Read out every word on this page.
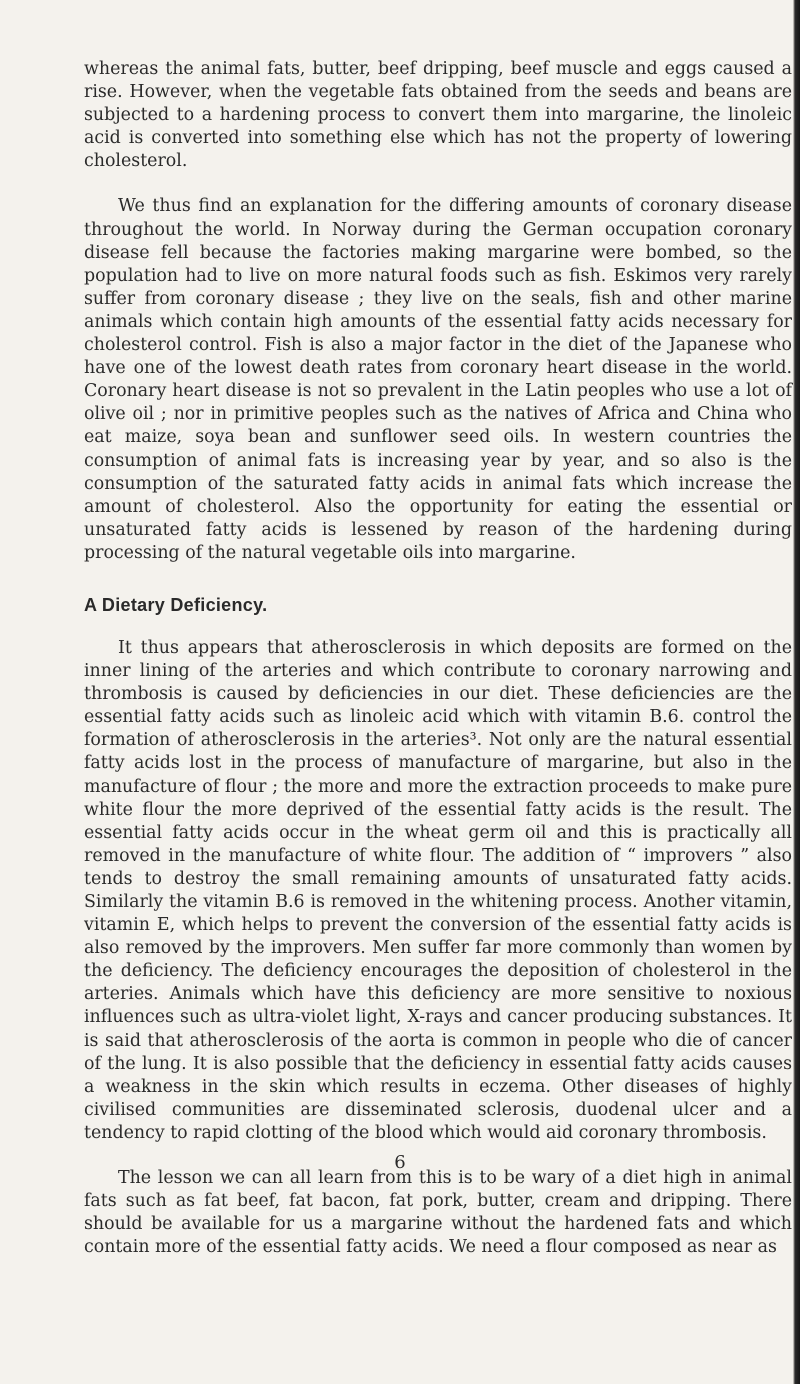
whereas the animal fats, butter, beef dripping, beef muscle and eggs caused a rise. However, when the vegetable fats obtained from the seeds and beans are subjected to a hardening process to convert them into margarine, the linoleic acid is converted into something else which has not the property of lowering cholesterol.

We thus find an explanation for the differing amounts of coronary disease throughout the world. In Norway during the German occupation coronary disease fell because the factories making margarine were bombed, so the population had to live on more natural foods such as fish. Eskimos very rarely suffer from coronary disease ; they live on the seals, fish and other marine animals which contain high amounts of the essential fatty acids necessary for cholesterol control. Fish is also a major factor in the diet of the Japanese who have one of the lowest death rates from coronary heart disease in the world. Coronary heart disease is not so prevalent in the Latin peoples who use a lot of olive oil ; nor in primitive peoples such as the natives of Africa and China who eat maize, soya bean and sunflower seed oils. In western countries the consumption of animal fats is increasing year by year, and so also is the consumption of the saturated fatty acids in animal fats which increase the amount of cholesterol. Also the opportunity for eating the essential or unsaturated fatty acids is lessened by reason of the hardening during processing of the natural vegetable oils into margarine.

A Dietary Deficiency.

It thus appears that atherosclerosis in which deposits are formed on the inner lining of the arteries and which contribute to coronary narrowing and thrombosis is caused by deficiencies in our diet. These deficiencies are the essential fatty acids such as linoleic acid which with vitamin B.6. control the formation of atherosclerosis in the arteries³. Not only are the natural essential fatty acids lost in the process of manufacture of margarine, but also in the manufacture of flour ; the more and more the extraction proceeds to make pure white flour the more deprived of the essential fatty acids is the result. The essential fatty acids occur in the wheat germ oil and this is practically all removed in the manufacture of white flour. The addition of “ improvers ” also tends to destroy the small remaining amounts of unsaturated fatty acids. Similarly the vitamin B.6 is removed in the whitening process. Another vitamin, vitamin E, which helps to prevent the conversion of the essential fatty acids is also removed by the improvers. Men suffer far more commonly than women by the deficiency. The deficiency encourages the deposition of cholesterol in the arteries. Animals which have this deficiency are more sensitive to noxious influences such as ultra-violet light, X-rays and cancer producing substances. It is said that atherosclerosis of the aorta is common in people who die of cancer of the lung. It is also possible that the deficiency in essential fatty acids causes a weakness in the skin which results in eczema. Other diseases of highly civilised communities are disseminated sclerosis, duodenal ulcer and a tendency to rapid clotting of the blood which would aid coronary thrombosis.

The lesson we can all learn from this is to be wary of a diet high in animal fats such as fat beef, fat bacon, fat pork, butter, cream and dripping. There should be available for us a margarine without the hardened fats and which contain more of the essential fatty acids. We need a flour composed as near as

6
